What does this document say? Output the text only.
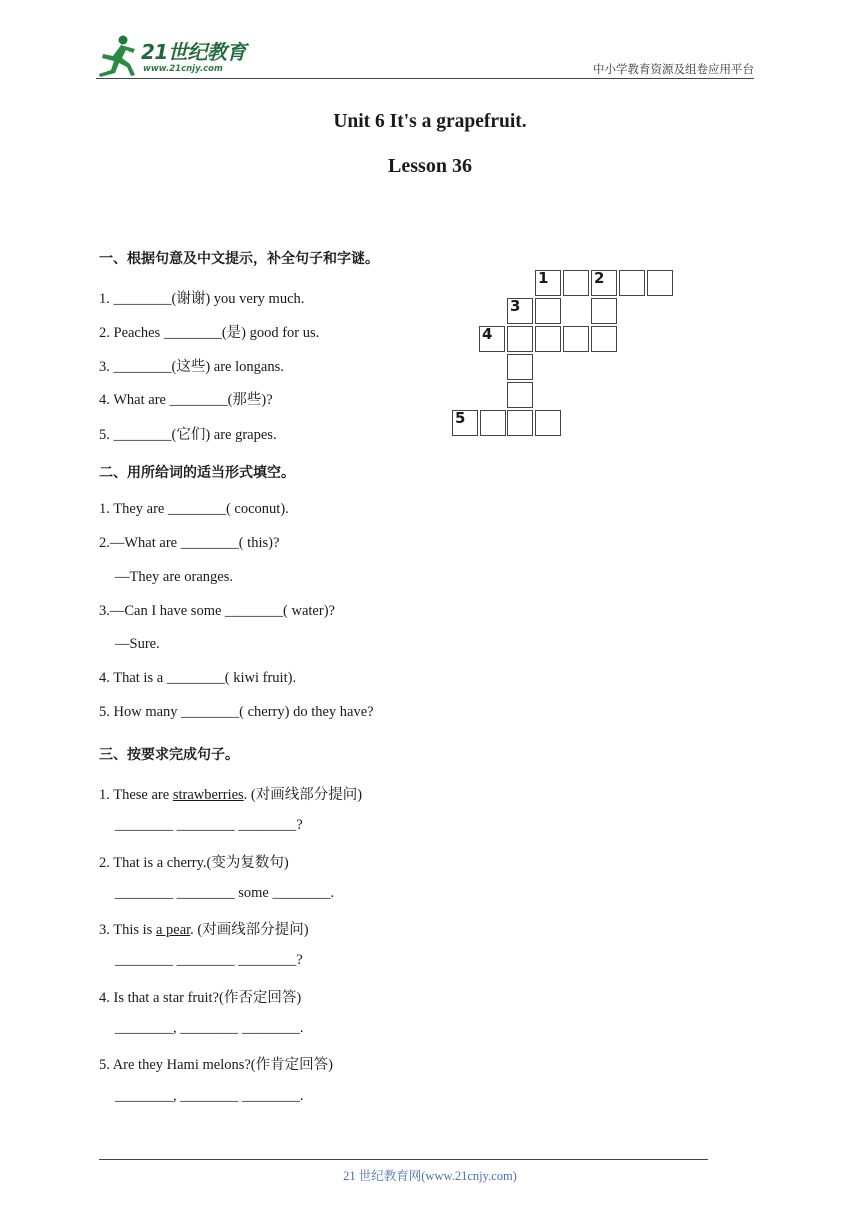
21世纪教育
www.21cnjy.com	中小学教育资源及组卷应用平台
Unit 6 It's a grapefruit.
Lesson 36
一、根据句意及中文提示，补全句子和字谜。
1. ________(谢谢) you very much.
2. Peaches ________(是) good for us.
3. ________(这些) are longans.
4. What are ________(那些)?
5. ________(它们) are grapes.
1	2
3
4
5
二、用所给词的适当形式填空。
1. They are ________( coconut).
2.—What are ________( this)?
—They are oranges.
3.—Can I have some ________( water)?
—Sure.
4. That is a ________( kiwi fruit).
5. How many ________( cherry) do they have?
三、按要求完成句子。
1. These are strawberries. (对画线部分提问)
________ ________ ________?
2. That is a cherry.(变为复数句)
________ ________ some ________.
3. This is a pear. (对画线部分提问)
________ ________ ________?
4. Is that a star fruit?(作否定回答)
________, ________ ________.
5. Are they Hami melons?(作肯定回答)
________, ________ ________.
21 世纪教育网(www.21cnjy.com)
